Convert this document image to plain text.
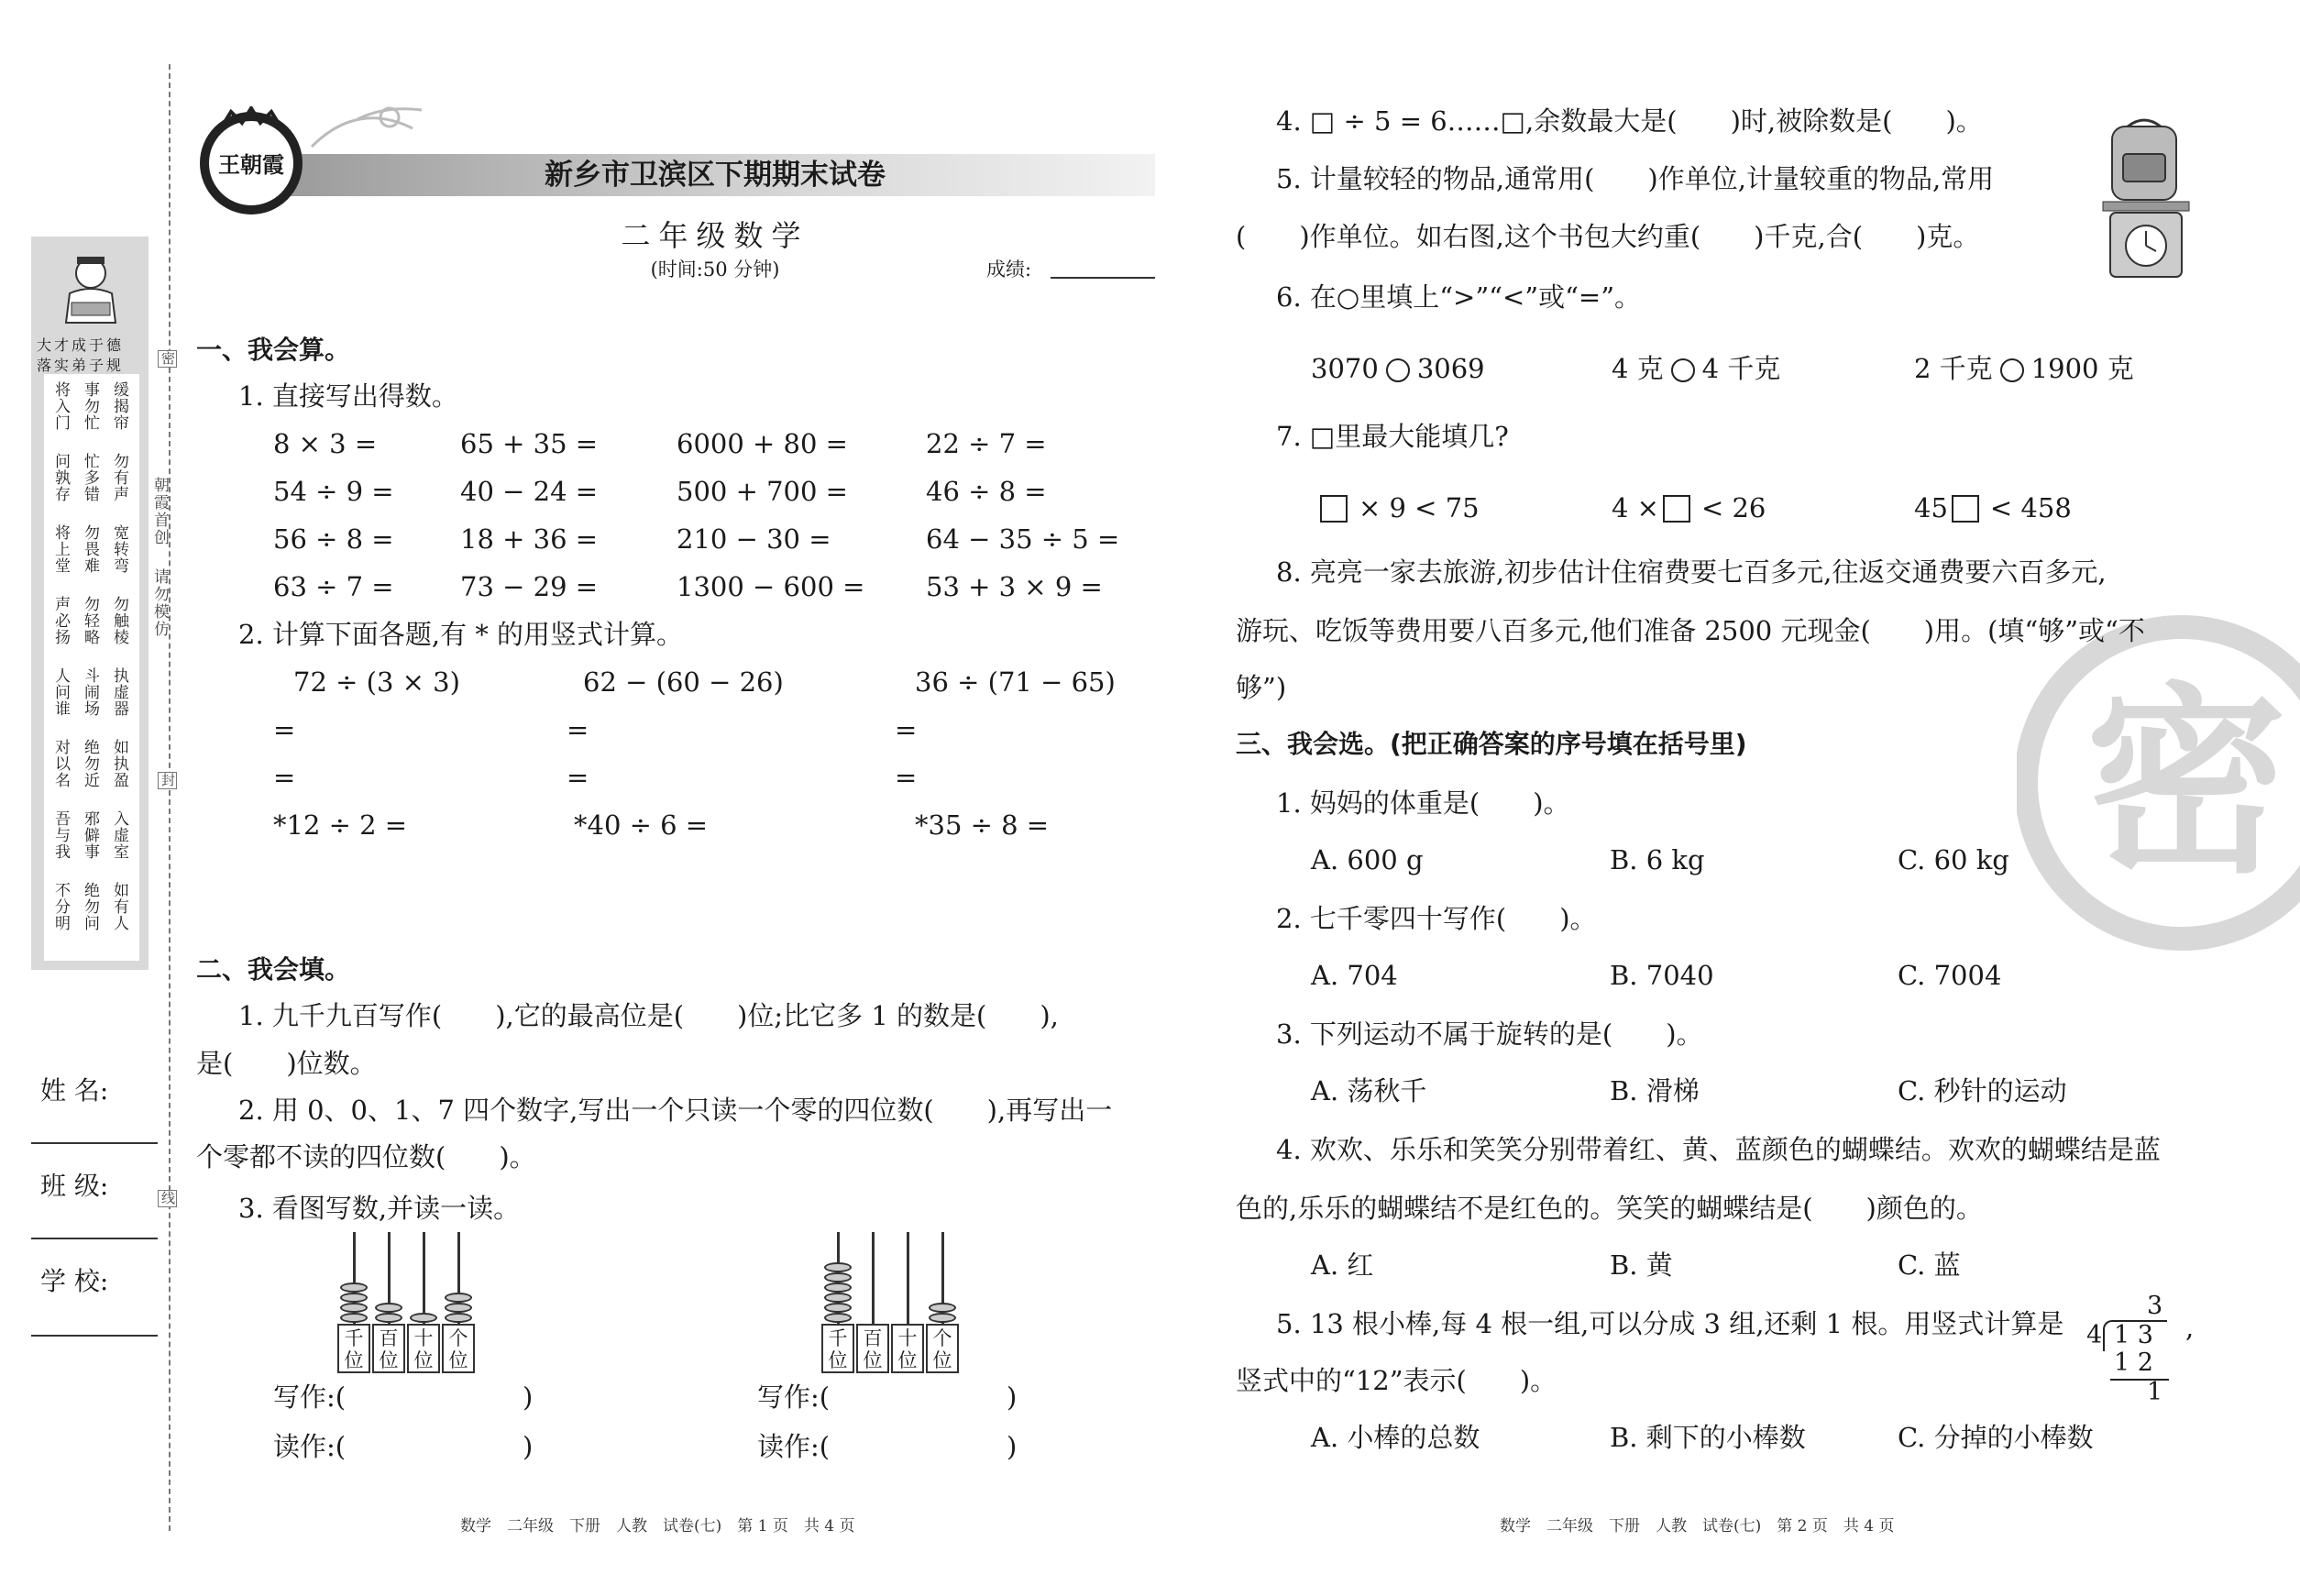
大才成于德
落实弟子规
将入门 事勿忙 缓揭帘
问孰存 忙多错 勿有声
将上堂 勿畏难 宽转弯
声必扬 勿轻略 勿触棱
人问谁 斗闹场 执虚器
对以名 绝勿近 如执盈
吾与我 邪僻事 入虚室
不分明 绝勿问 如有人
密
封
线
朝霞首创
请勿模仿
姓 名:
班 级:
学 校:
王朝霞	新乡市卫滨区下期期末试卷
二年级数学
(时间:50 分钟)	成绩:
一、我会算。
1. 直接写出得数。
8 × 3 =	65 + 35 =	6000 + 80 =	22 ÷ 7 =
54 ÷ 9 = 40 − 24 =	500 + 700 =	46 ÷ 8 =
56 ÷ 8 = 18 + 36 =	210 − 30 =	64 − 35 ÷ 5 =
63 ÷ 7 = 73 − 29 =	1300 − 600 = 53 + 3 × 9 =
2. 计算下面各题,有 * 的用竖式计算。
72 ÷ (3 × 3)	62 − (60 − 26)	36 ÷ (71 − 65)
=
=
=
=
=
=
*12 ÷ 2 =	*40 ÷ 6 =	*35 ÷ 8 =
二、我会填。
1. 九千九百写作(　　),它的最高位是(　　)位;比它多 1 的数是(　　),
是(　　)位数。
2. 用 0、0、1、7 四个数字,写出一个只读一个零的四位数(　　),再写出一
个零都不读的四位数(　　)。
3. 看图写数,并读一读。
千
位
百
位
十
位
个
位
千
位
百
位
十
位
个
位
写作:(	)
读作:(	)
写作:(	)
读作:(	)
数学　二年级　下册　人教　试卷(七)　第 1 页　共 4 页
密
4. □ ÷ 5 = 6……□,余数最大是(　　)时,被除数是(　　)。
5. 计量较轻的物品,通常用(　　)作单位,计量较重的物品,常用
(　　)作单位。如右图,这个书包大约重(　　)千克,合(　　)克。
6. 在○里填上“>”“<”或“=”。
3070 3069	4 克 4 千克	2 千克 1900 克
7. □里最大能填几?
× 9 < 75	4 × < 26	45 < 458
8. 亮亮一家去旅游,初步估计住宿费要七百多元,往返交通费要六百多元,
游玩、吃饭等费用要八百多元,他们准备 2500 元现金(　　)用。(填“够”或“不
够”)
三、我会选。(把正确答案的序号填在括号里)
1. 妈妈的体重是(　　)。
A. 600 g	B. 6 kg	C. 60 kg
2. 七千零四十写作(　　)。
A. 704	B. 7040	C. 7004
3. 下列运动不属于旋转的是(　　)。
A. 荡秋千	B. 滑梯	C. 秒针的运动
4. 欢欢、乐乐和笑笑分别带着红、黄、蓝颜色的蝴蝶结。欢欢的蝴蝶结是蓝
色的,乐乐的蝴蝶结不是红色的。笑笑的蝴蝶结是(　　)颜色的。
A. 红	B. 黄	C. 蓝
5. 13 根小棒,每 4 根一组,可以分成 3 组,还剩 1 根。用竖式计算是
竖式中的“12”表示(　　)。
3
4 1 3
1 2
1
,
A. 小棒的总数	B. 剩下的小棒数	C. 分掉的小棒数
数学　二年级　下册　人教　试卷(七)　第 2 页　共 4 页
